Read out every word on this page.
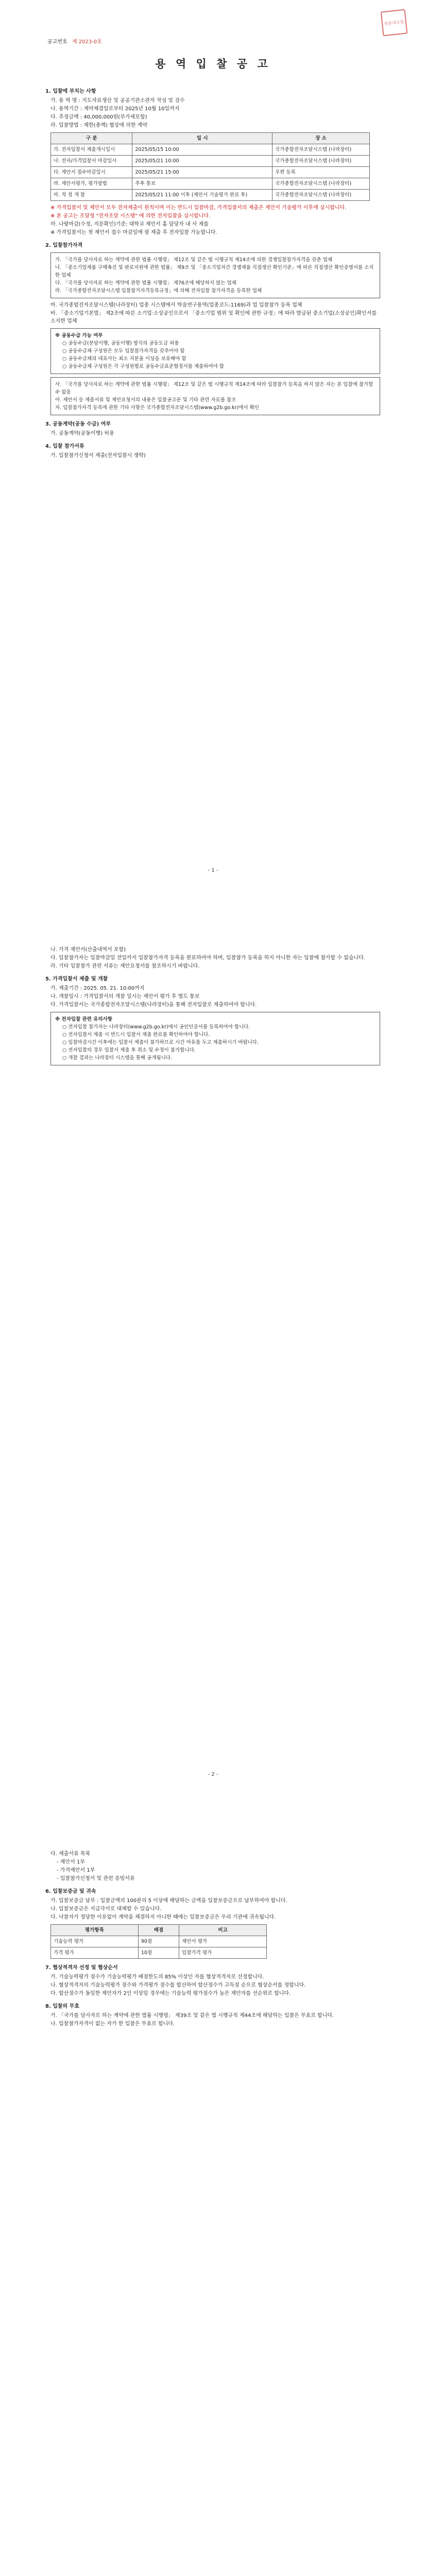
공고번호 제 2023-0호
원본대조필
용 역 입 찰 공 고
1. 입찰에 부치는 사항
가. 용 역 명 : 지도자료생산 및 공공기관소관자 작성 및 검수
나. 용역기간 : 계약체결일로부터 2025년 10월 10일까지
다. 추정금액 : 40,000,000원(부가세포함)
라. 입찰방법 : 제한(총액) 협상에 의한 계약
구 분	일 시	장 소
가. 전자입찰서 제출개시일시	2025/05/15 10:00	국가종합전자조달시스템 (나라장터)
나. 전자/가격입찰서 마감일시	2025/05/21 10:00	국가종합전자조달시스템 (나라장터)
다. 제안서 접수마감일시	2025/05/21 15:00	우편 등록
라. 제안서평가, 평가방법	추후 통보	국가종합전자조달시스템 (나라장터)
마. 적 정 개 찰	2025/05/21 11:00 이후 (제안서 기술평가 완료 후)	국가종합전자조달시스템 (나라장터)
※ 가격입찰서 및 제안서 모두 전자제출이 원칙이며 이는 반드시 입찰마감, 가격입찰서의 제출은 제안서 기술평가 이후에 실시합니다.
※ 본 공고는 조달청 "전자조달 시스템" 에 의한 전자입찰을 실시합니다.
마. 나랑마감(수정, 지문확인)기준: 대학교 제안서 홈 담당자 내 사 제를
※ 가격입찰서는 첫 제안서 접수 마감일에 필 제출 후 전자입찰 가능합니다.
2. 입찰참가자격
가. 「국가를 당사자로 하는 계약에 관한 법률 시행령」 제12조 및 같은 법 시행규칙 제14조에 의한 경쟁입찰참가자격을 갖춘 업체
나. 「중소기업제품 구매촉진 및 판로지원에 관한 법률」 제9조 및 「중소기업자간 경쟁제품 직접생산 확인기준」에 따른 직접생산 확인증명서를 소지한 업체
다. 「국가를 당사자로 하는 계약에 관한 법률 시행령」 제76조에 해당하지 않는 업체
라. 「국가종합전자조달시스템 입찰참가자격등록규정」에 의해 전자입찰 참가자격을 등록한 업체
마. 국가종합전자조달시스템(나라장터) 업종 시스템에서 학술연구용역(업종코드:1169)과 업 입찰참가 등록 업체
바. 「중소기업기본법」 제2조에 따른 소기업·소상공인으로서 「중소기업 범위 및 확인에 관한 규정」에 따라 발급된 중소기업(소상공인)확인서를 소지한 업체
※ 공동수급 가능 여부
○ 공동수급(분담이행, 공동이행) 방식의 공동도급 허용
○ 공동수급체 구성원은 모두 입찰참가자격을 갖추어야 함
○ 공동수급체의 대표사는 최소 지분율 이상을 보유해야 함
○ 공동수급체 구성원은 각 구성원별로 공동수급표준협정서를 제출하여야 함
사. 「국가를 당사자로 하는 계약에 관한 법률 시행령」 제12조 및 같은 법 시행규칙 제14조에 따라 입찰참가 등록을 하지 않은 자는 본 입찰에 참가할 수 없음
아. 제안서 등 제출서류 및 제안요청서의 내용은 입찰공고문 및 기타 관련 자료를 참조
자. 입찰참가자격 등록에 관한 기타 사항은 국가종합전자조달시스템(www.g2b.go.kr)에서 확인
3. 공동계약(공동 수급) 여부
가. 공동계약(공동이행) 허용
4. 입찰 참가서류
가. 입찰참가신청서 제출(전자입찰시 생략)
- 1 -
나. 가격 제안서(산출내역서 포함)
다. 입찰참가자는 입찰마감일 전일까지 입찰참가자격 등록을 완료하여야 하며, 입찰참가 등록을 하지 아니한 자는 입찰에 참가할 수 없습니다.
라. 기타 입찰참가 관련 서류는 제안요청서를 참조하시기 바랍니다.
5. 가격입찰서 제출 및 개찰
가. 제출기간 : 2025. 05. 21. 10:00까지
나. 개찰일시 : 가격입찰서의 개찰 일시는 제안서 평가 후 별도 통보
다. 가격입찰서는 국가종합전자조달시스템(나라장터)을 통해 전자입찰로 제출하여야 합니다.
※ 전자입찰 관련 유의사항
○ 전자입찰 참가자는 나라장터(www.g2b.go.kr)에서 공인인증서를 등록하여야 합니다.
○ 전자입찰서 제출 시 반드시 입찰서 제출 완료를 확인하여야 합니다.
○ 입찰마감시간 이후에는 입찰서 제출이 불가하므로 시간 여유를 두고 제출하시기 바랍니다.
○ 전자입찰의 경우 입찰서 제출 후 취소 및 수정이 불가합니다.
○ 개찰 결과는 나라장터 시스템을 통해 공개됩니다.
- 2 -
다. 제출서류 목록
- 제안서 1부
- 가격제안서 1부
- 입찰참가신청서 및 관련 증빙서류
6. 입찰보증금 및 귀속
가. 입찰보증금 납부 : 입찰금액의 100분의 5 이상에 해당하는 금액을 입찰보증금으로 납부하여야 합니다.
나. 입찰보증금은 지급각서로 대체할 수 있습니다.
다. 낙찰자가 정당한 이유없이 계약을 체결하지 아니한 때에는 입찰보증금은 우리 기관에 귀속됩니다.
평가항목	배점	비고
기술능력 평가	90점	제안서 평가
가격 평가	10점	입찰가격 평가
7. 협상적격자 선정 및 협상순서
가. 기술능력평가 점수가 기술능력평가 배점한도의 85% 이상인 자를 협상적격자로 선정합니다.
나. 협상적격자의 기술능력평가 점수와 가격평가 점수를 합산하여 합산점수가 고득점 순으로 협상순서를 정합니다.
다. 합산점수가 동일한 제안자가 2인 이상일 경우에는 기술능력 평가점수가 높은 제안자를 선순위로 합니다.
8. 입찰의 무효
가. 「국가를 당사자로 하는 계약에 관한 법률 시행령」 제39조 및 같은 법 시행규칙 제44조에 해당하는 입찰은 무효로 합니다.
나. 입찰참가자격이 없는 자가 한 입찰은 무효로 합니다.
